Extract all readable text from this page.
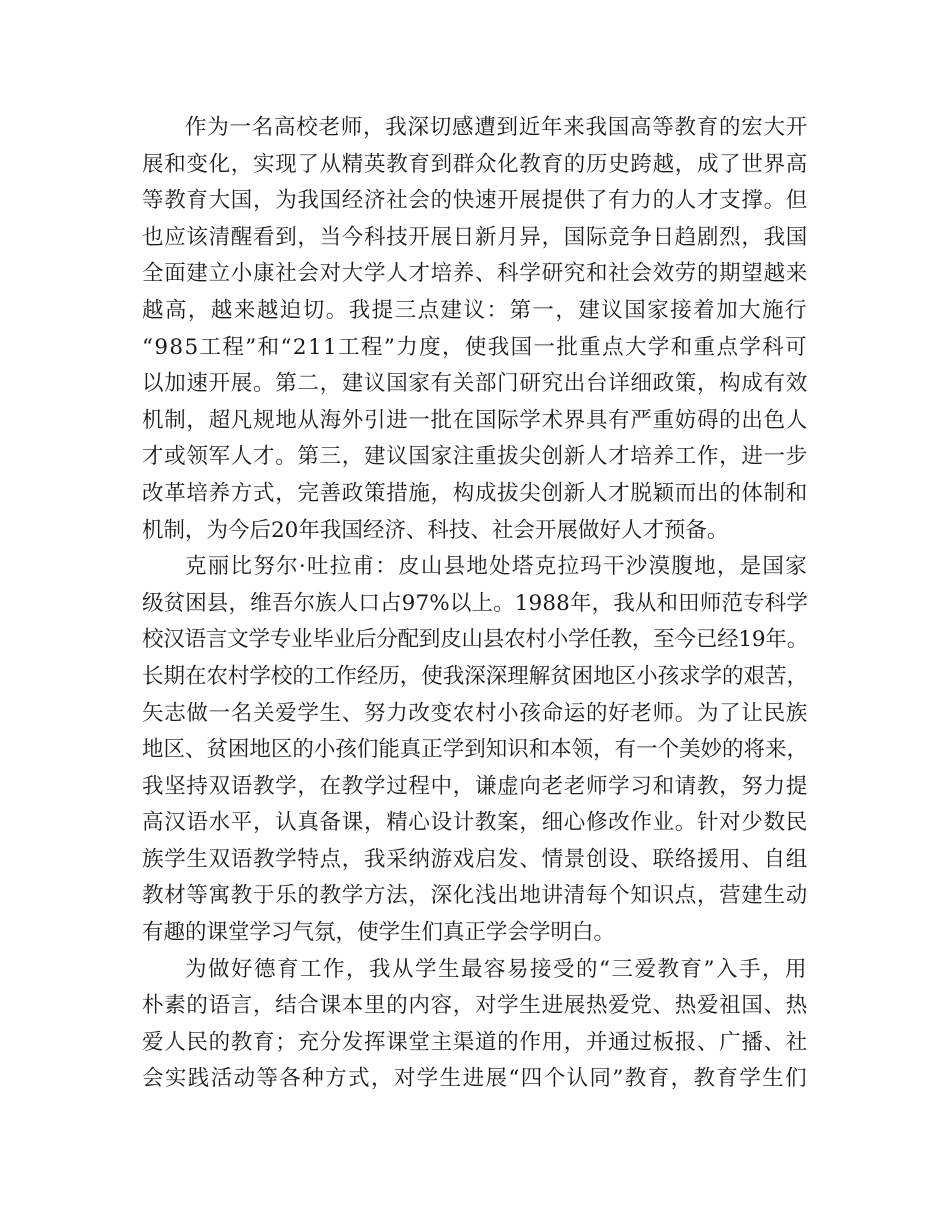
作为一名高校老师，我深切感遭到近年来我国高等教育的宏大开
展和变化，实现了从精英教育到群众化教育的历史跨越，成了世界高
等教育大国，为我国经济社会的快速开展提供了有力的人才支撑。但
也应该清醒看到，当今科技开展日新月异，国际竞争日趋剧烈，我国
全面建立小康社会对大学人才培养、科学研究和社会效劳的期望越来
越高，越来越迫切。我提三点建议：第一，建议国家接着加大施行
“985工程”和“211工程”力度，使我国一批重点大学和重点学科可
以加速开展。第二，建议国家有关部门研究出台详细政策，构成有效
机制，超凡规地从海外引进一批在国际学术界具有严重妨碍的出色人
才或领军人才。第三，建议国家注重拔尖创新人才培养工作，进一步
改革培养方式，完善政策措施，构成拔尖创新人才脱颖而出的体制和
机制，为今后20年我国经济、科技、社会开展做好人才预备。
克丽比努尔·吐拉甫：皮山县地处塔克拉玛干沙漠腹地，是国家
级贫困县，维吾尔族人口占97%以上。1988年，我从和田师范专科学
校汉语言文学专业毕业后分配到皮山县农村小学任教，至今已经19年。
长期在农村学校的工作经历，使我深深理解贫困地区小孩求学的艰苦，
矢志做一名关爱学生、努力改变农村小孩命运的好老师。为了让民族
地区、贫困地区的小孩们能真正学到知识和本领，有一个美妙的将来，
我坚持双语教学，在教学过程中，谦虚向老老师学习和请教，努力提
高汉语水平，认真备课，精心设计教案，细心修改作业。针对少数民
族学生双语教学特点，我采纳游戏启发、情景创设、联络援用、自组
教材等寓教于乐的教学方法，深化浅出地讲清每个知识点，营建生动
有趣的课堂学习气氛，使学生们真正学会学明白。
为做好德育工作，我从学生最容易接受的“三爱教育”入手，用
朴素的语言，结合课本里的内容，对学生进展热爱党、热爱祖国、热
爱人民的教育；充分发挥课堂主渠道的作用，并通过板报、广播、社
会实践活动等各种方式，对学生进展“四个认同”教育，教育学生们
